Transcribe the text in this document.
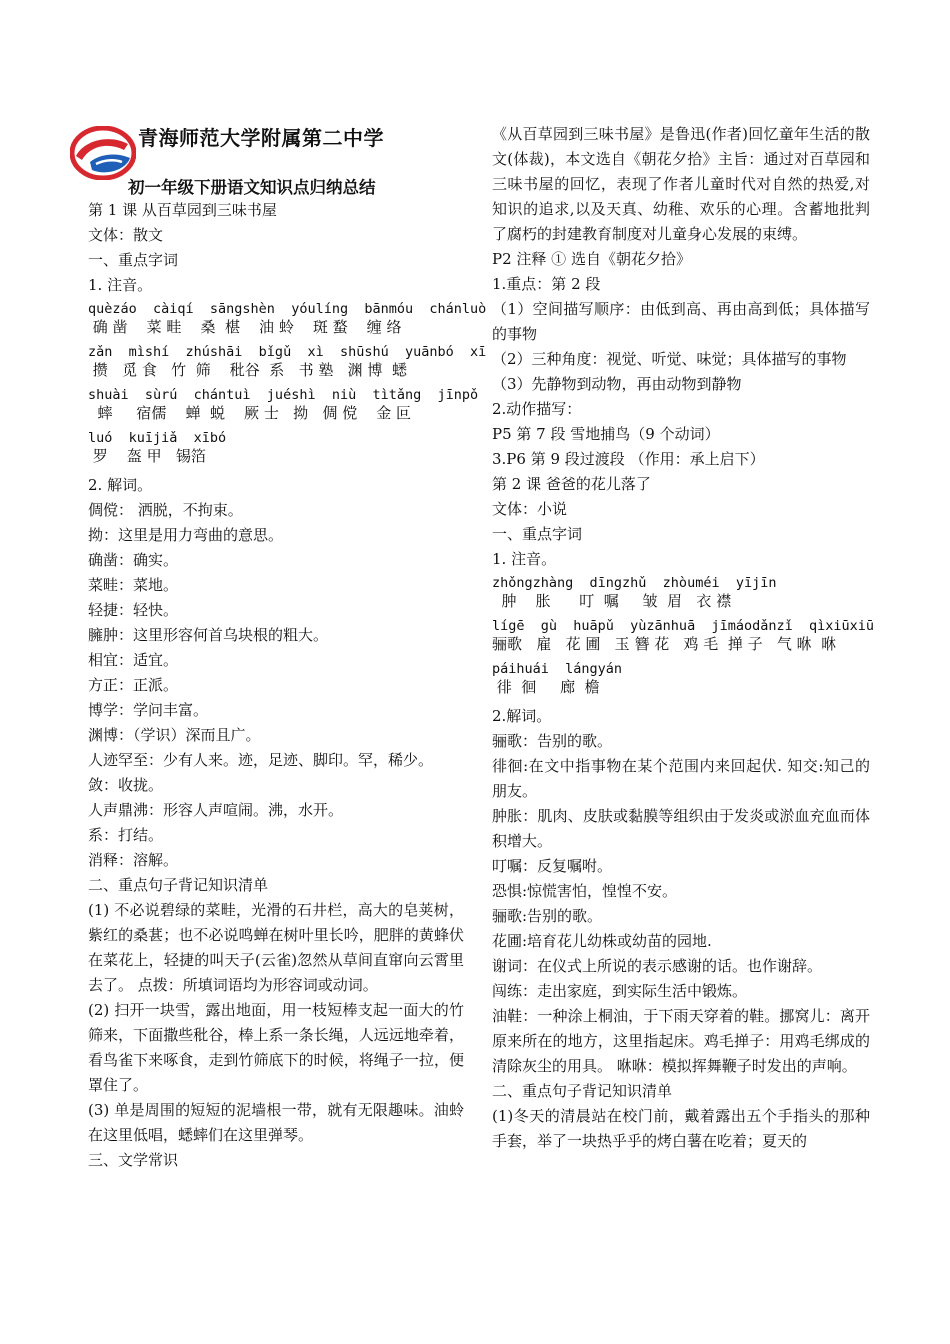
青海师范大学附属第二中学
初一年级下册语文知识点归纳总结
第 1 课 从百草园到三味书屋
文体：散文
一、重点字词
1. 注音。
quèzáo  càiqí  sāngshèn  yóulíng  bānmóu  chánluò
确 凿    菜 畦    桑  椹    油 蛉    斑 蝥    缠 络
zǎn  mìshí  zhúshāi  bǐgǔ  xì  shūshú  yuānbó  xī
攒   觅 食   竹  筛    秕谷  系   书 塾   渊 博  蟋
shuài  sùrú  chántuì  juéshì  niù  tìtǎng  jīnpǒ
蟀     宿儒    蝉  蜕    厥 士   拗   倜 傥    金 叵
luó  kuījiǎ  xībó
罗    盔 甲   锡箔
2. 解词。
倜傥： 洒脱，不拘束。
拗：这里是用力弯曲的意思。
确凿：确实。
菜畦：菜地。
轻捷：轻快。
臃肿：这里形容何首乌块根的粗大。
相宜：适宜。
方正：正派。
博学：学问丰富。
渊博：（学识）深而且广。
人迹罕至：少有人来。迹，足迹、脚印。罕，稀少。
敛：收拢。
人声鼎沸：形容人声喧闹。沸，水开。
系：打结。
消释：溶解。
二、重点句子背记知识清单
(1) 不必说碧绿的菜畦，光滑的石井栏，高大的皂荚树，紫红的桑葚；也不必说鸣蝉在树叶里长吟，肥胖的黄蜂伏在菜花上，轻捷的叫天子(云雀)忽然从草间直窜向云霄里去了。 点拨：所填词语均为形容词或动词。
(2) 扫开一块雪，露出地面，用一枝短棒支起一面大的竹筛来，下面撒些秕谷，棒上系一条长绳，人远远地牵着，看鸟雀下来啄食，走到竹筛底下的时候，将绳子一拉，便罩住了。
(3) 单是周围的短短的泥墙根一带，就有无限趣味。油蛉在这里低唱，蟋蟀们在这里弹琴。
三、文学常识
《从百草园到三味书屋》是鲁迅(作者)回忆童年生活的散文(体裁)，本文选自《朝花夕拾》主旨：通过对百草园和三味书屋的回忆，表现了作者儿童时代对自然的热爱,对知识的追求,以及天真、幼稚、欢乐的心理。含蓄地批判了腐朽的封建教育制度对儿童身心发展的束缚。
P2 注释 ① 选自《朝花夕拾》
1.重点：第 2 段
（1）空间描写顺序：由低到高、再由高到低；具体描写的事物
（2）三种角度：视觉、听觉、味觉；具体描写的事物
（3）先静物到动物，再由动物到静物
2.动作描写：
P5 第 7 段 雪地捕鸟（9 个动词）
3.P6 第 9 段过渡段 （作用：承上启下）
第 2 课 爸爸的花儿落了
文体：小说
一、重点字词
1. 注音。
zhǒngzhàng  dīngzhǔ  zhòuméi  yījīn
肿    胀      叮  嘱     皱  眉   衣 襟
lígē  gù  huāpǔ  yùzānhuā  jīmáodǎnzǐ  qìxiūxiū
骊歌   雇   花 圃   玉 簪 花   鸡 毛  掸 子   气 咻  咻
páihuái  lángyán
徘  徊     廊  檐
2.解词。
骊歌：告别的歌。
徘徊:在文中指事物在某个范围内来回起伏. 知交:知己的朋友。
肿胀：肌肉、皮肤或黏膜等组织由于发炎或淤血充血而体积增大。
叮嘱：反复嘱咐。
恐惧:惊慌害怕，惶惶不安。
骊歌:告别的歌。
花圃:培育花儿幼株或幼苗的园地.
谢词：在仪式上所说的表示感谢的话。也作谢辞。
闯练：走出家庭，到实际生活中锻炼。
油鞋：一种涂上桐油，于下雨天穿着的鞋。挪窝儿：离开原来所在的地方，这里指起床。鸡毛掸子：用鸡毛绑成的清除灰尘的用具。 咻咻：模拟挥舞鞭子时发出的声响。
二、重点句子背记知识清单
(1)冬天的清晨站在校门前，戴着露出五个手指头的那种手套，举了一块热乎乎的烤白薯在吃着；夏天的
